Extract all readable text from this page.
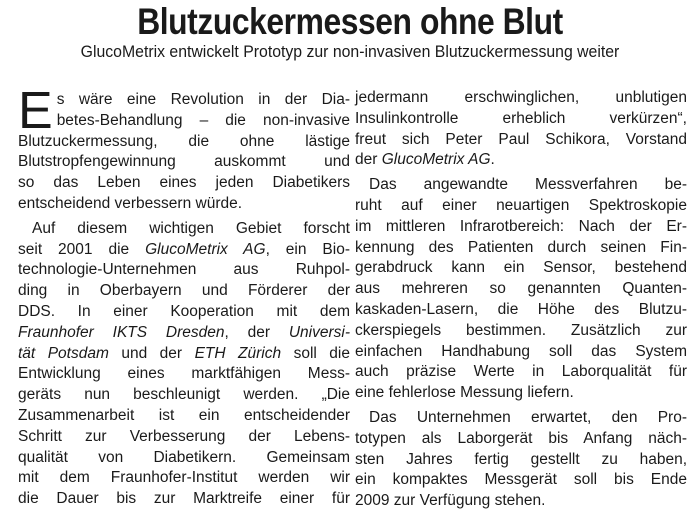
Blutzuckermessen ohne Blut
GlucoMetrix entwickelt Prototyp zur non-invasiven Blutzuckermessung weiter

E s wäre eine Revolution in der Dia-
betes-Behandlung – die non-invasive
Blutzuckermessung, die ohne lästige
Blutstropfengewinnung auskommt und
so das Leben eines jeden Diabetikers
entscheidend verbessern würde.

Auf diesem wichtigen Gebiet forscht
seit 2001 die GlucoMetrix AG, ein Bio-
technologie-Unternehmen aus Ruhpol-
ding in Oberbayern und Förderer der
DDS. In einer Kooperation mit dem
Fraunhofer IKTS Dresden, der Universi-
tät Potsdam und der ETH Zürich soll die
Entwicklung eines marktfähigen Mess-
geräts nun beschleunigt werden. „Die
Zusammenarbeit ist ein entscheidender
Schritt zur Verbesserung der Lebens-
qualität von Diabetikern. Gemeinsam
mit dem Fraunhofer-Institut werden wir
die Dauer bis zur Marktreife einer für

jedermann erschwinglichen, unblutigen
Insulinkontrolle erheblich verkürzen“,
freut sich Peter Paul Schikora, Vorstand
der GlucoMetrix AG.

Das angewandte Messverfahren be-
ruht auf einer neuartigen Spektroskopie
im mittleren Infrarotbereich: Nach der Er-
kennung des Patienten durch seinen Fin-
gerabdruck kann ein Sensor, bestehend
aus mehreren so genannten Quanten-
kaskaden-Lasern, die Höhe des Blutzu-
ckerspiegels bestimmen. Zusätzlich zur
einfachen Handhabung soll das System
auch präzise Werte in Laborqualität für
eine fehlerlose Messung liefern.

Das Unternehmen erwartet, den Pro-
totypen als Laborgerät bis Anfang näch-
sten Jahres fertig gestellt zu haben,
ein kompaktes Messgerät soll bis Ende
2009 zur Verfügung stehen.
